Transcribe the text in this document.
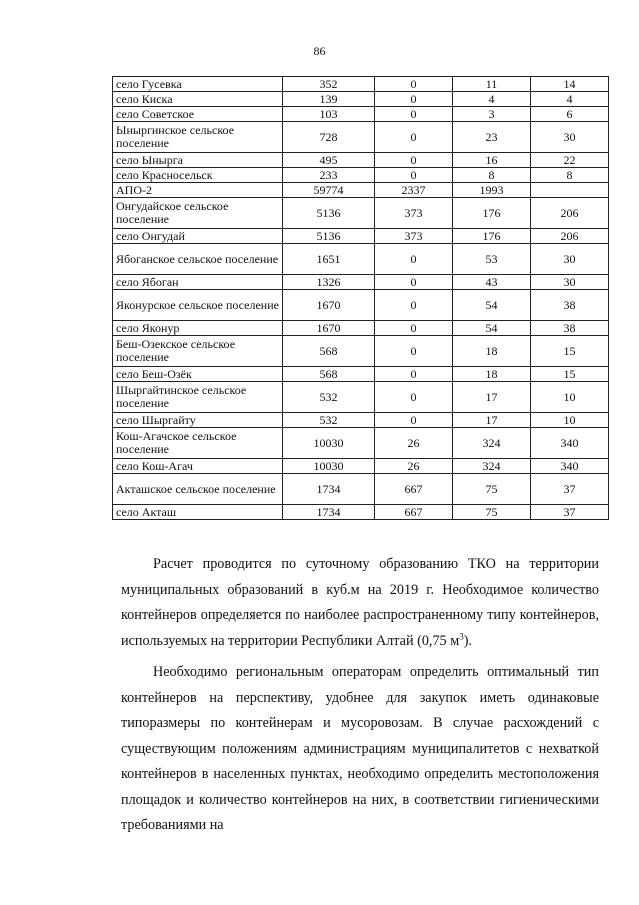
86
село Гусевка	352	0	11	14
село Киска	139	0	4	4
село Советское	103	0	3	6
Ыныргинское сельское поселение	728	0	23	30
село Ынырга	495	0	16	22
село Красносельск	233	0	8	8
АПО-2	59774	2337	1993	
Онгудайское сельское поселение	5136	373	176	206
село Онгудай	5136	373	176	206
Ябоганское сельское поселение	1651	0	53	30
село Ябоган	1326	0	43	30
Яконурское сельское поселение	1670	0	54	38
село Яконур	1670	0	54	38
Беш-Озекское сельское поселение	568	0	18	15
село Беш-Озёк	568	0	18	15
Шыргайтинское сельское поселение	532	0	17	10
село Шыргайту	532	0	17	10
Кош-Агачское сельское поселение	10030	26	324	340
село Кош-Агач	10030	26	324	340
Акташское сельское поселение	1734	667	75	37
село Акташ	1734	667	75	37

Расчет проводится по суточному образованию ТКО на территории муниципальных образований в куб.м на 2019 г. Необходимое количество контейнеров определяется по наиболее распространенному типу контейнеров, используемых на территории Республики Алтай (0,75 $м^3$).

Необходимо региональным операторам определить оптимальный тип контейнеров на перспективу, удобнее для закупок иметь одинаковые типоразмеры по контейнерам и мусоровозам. В случае расхождений с существующим положениям администрациям муниципалитетов с нехваткой контейнеров в населенных пунктах, необходимо определить местоположения площадок и количество контейнеров на них, в соответствии гигиеническими требованиями на
